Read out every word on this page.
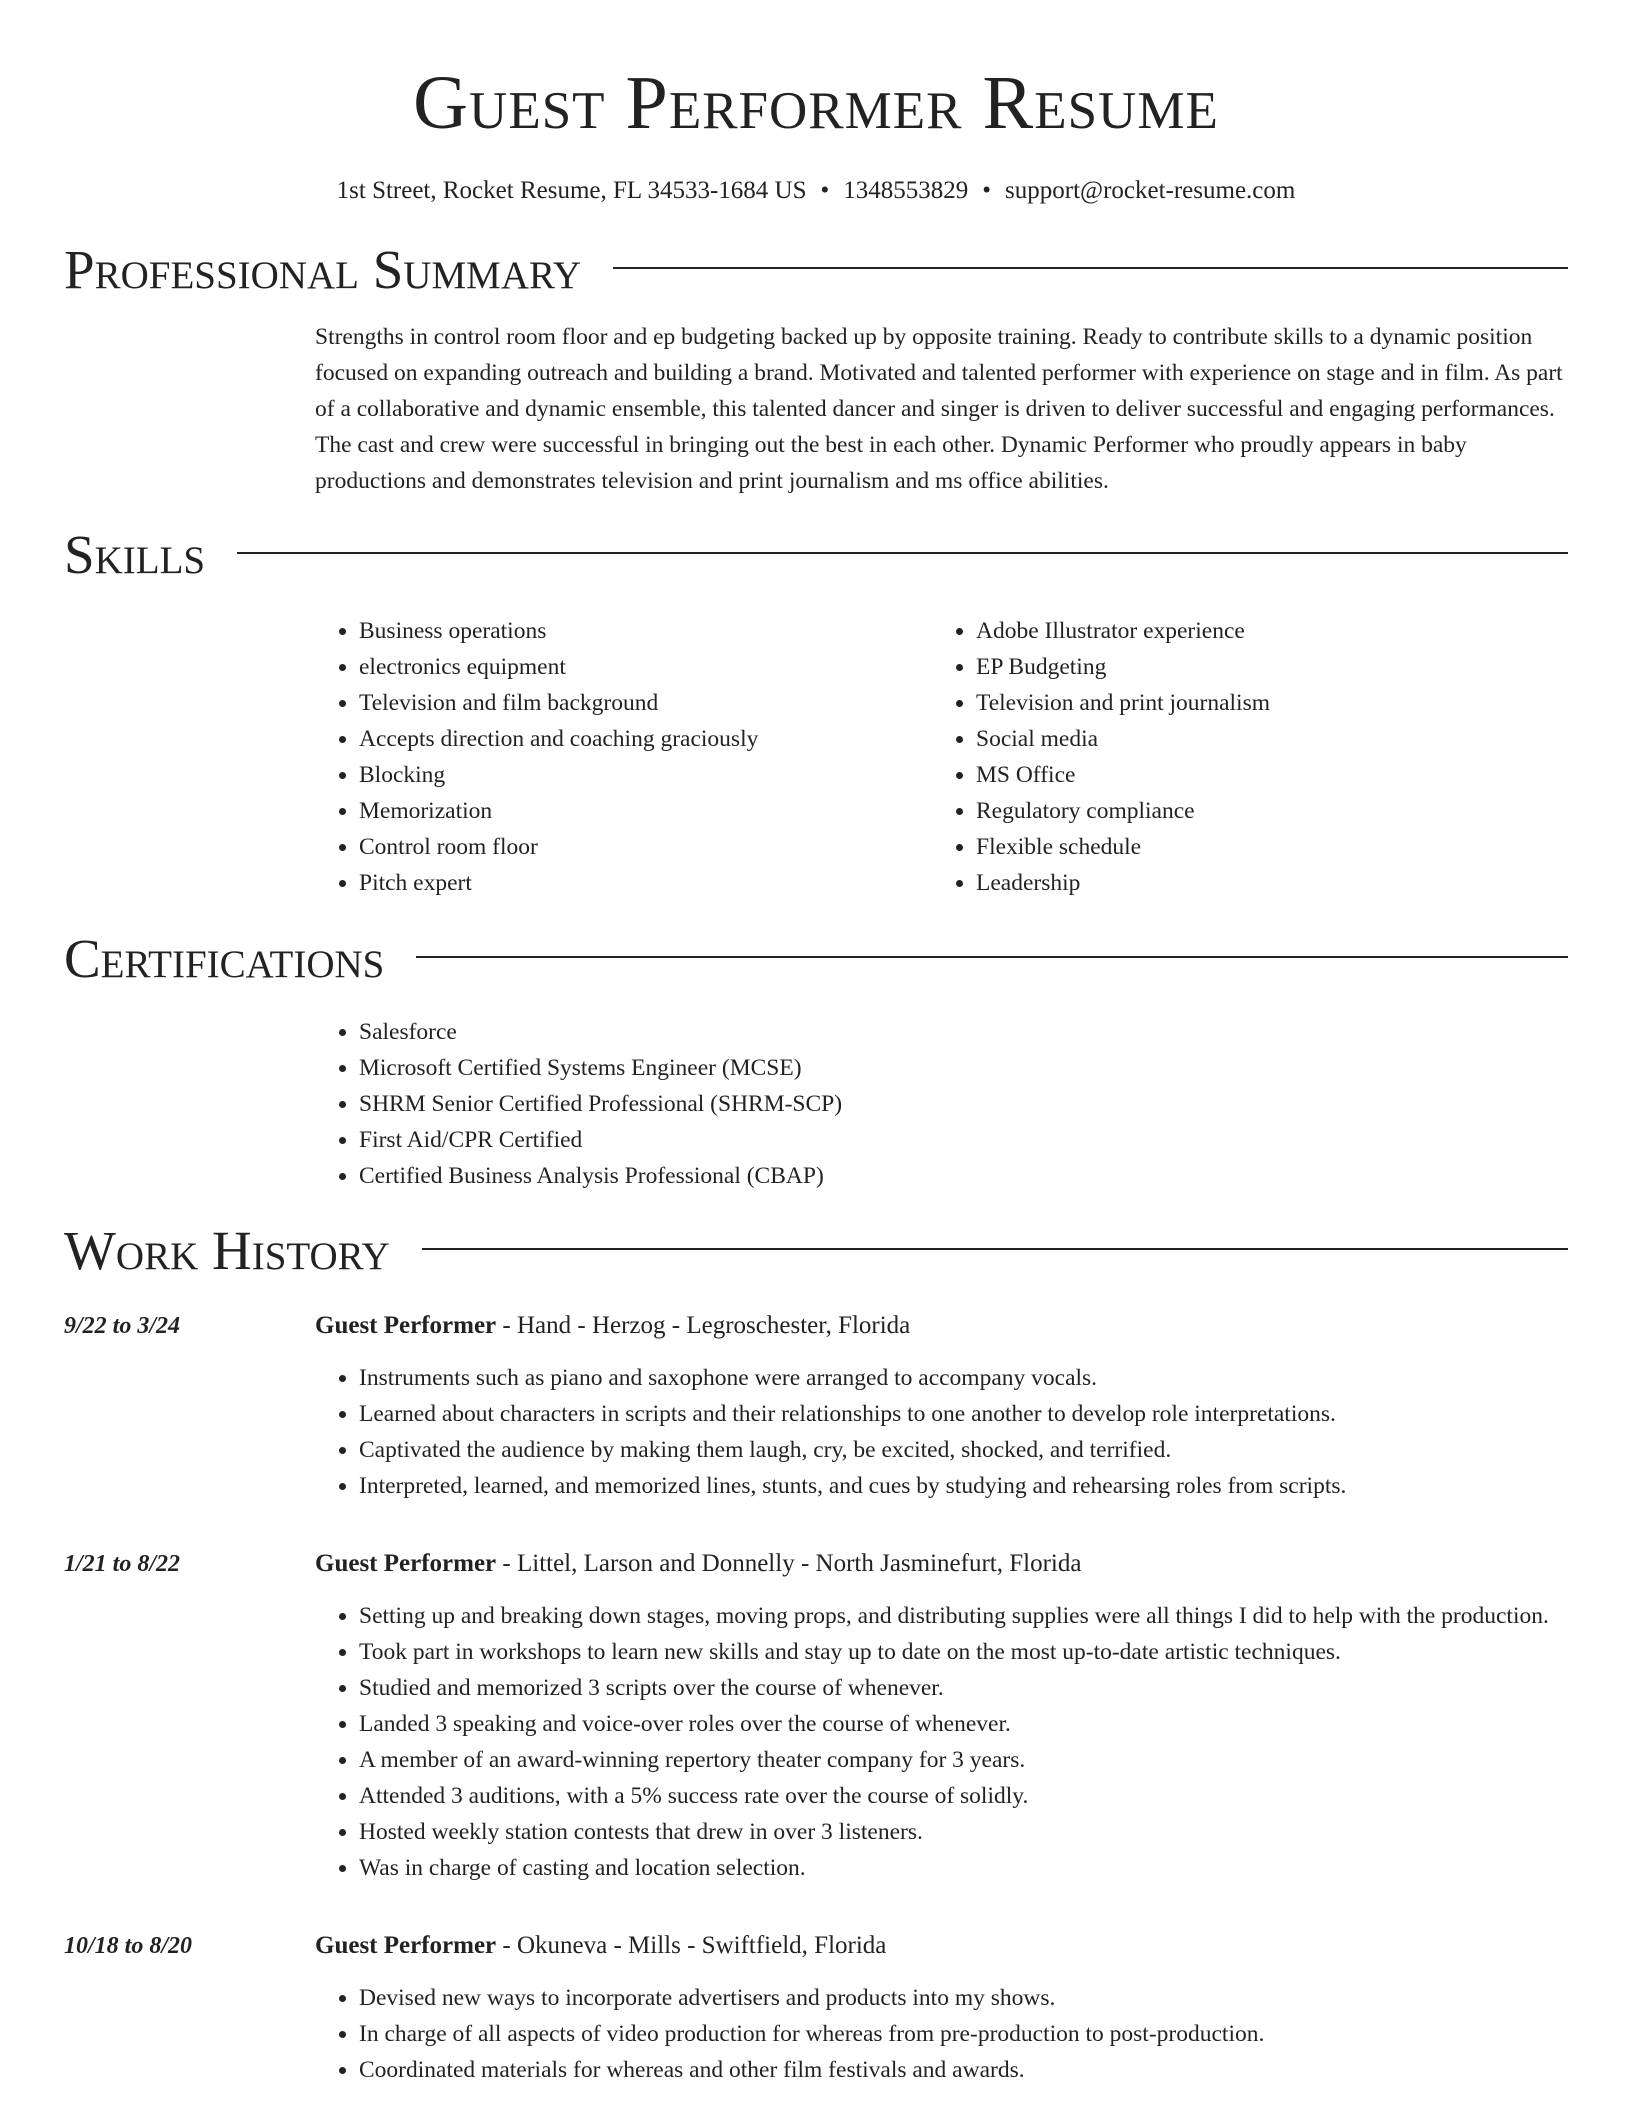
Guest Performer Resume
1st Street, Rocket Resume, FL 34533-1684 US • 1348553829 • support@rocket-resume.com
Professional Summary

Strengths in control room floor and ep budgeting backed up by opposite training. Ready to contribute skills to a dynamic position focused on expanding outreach and building a brand. Motivated and talented performer with experience on stage and in film. As part of a collaborative and dynamic ensemble, this talented dancer and singer is driven to deliver successful and engaging performances. The cast and crew were successful in bringing out the best in each other. Dynamic Performer who proudly appears in baby productions and demonstrates television and print journalism and ms office abilities.

Skills
• Business operations
• electronics equipment
• Television and film background
• Accepts direction and coaching graciously
• Blocking
• Memorization
• Control room floor
• Pitch expert
• Adobe Illustrator experience
• EP Budgeting
• Television and print journalism
• Social media
• MS Office
• Regulatory compliance
• Flexible schedule
• Leadership
Certifications
• Salesforce
• Microsoft Certified Systems Engineer (MCSE)
• SHRM Senior Certified Professional (SHRM-SCP)
• First Aid/CPR Certified
• Certified Business Analysis Professional (CBAP)
Work History
9/22 to 3/24	Guest Performer - Hand - Herzog - Legroschester, Florida
• Instruments such as piano and saxophone were arranged to accompany vocals.
• Learned about characters in scripts and their relationships to one another to develop role interpretations.
• Captivated the audience by making them laugh, cry, be excited, shocked, and terrified.
• Interpreted, learned, and memorized lines, stunts, and cues by studying and rehearsing roles from scripts.
1/21 to 8/22	Guest Performer - Littel, Larson and Donnelly - North Jasminefurt, Florida
• Setting up and breaking down stages, moving props, and distributing supplies were all things I did to help with the production.
• Took part in workshops to learn new skills and stay up to date on the most up-to-date artistic techniques.
• Studied and memorized 3 scripts over the course of whenever.
• Landed 3 speaking and voice-over roles over the course of whenever.
• A member of an award-winning repertory theater company for 3 years.
• Attended 3 auditions, with a 5% success rate over the course of solidly.
• Hosted weekly station contests that drew in over 3 listeners.
• Was in charge of casting and location selection.
10/18 to 8/20	Guest Performer - Okuneva - Mills - Swiftfield, Florida
• Devised new ways to incorporate advertisers and products into my shows.
• In charge of all aspects of video production for whereas from pre-production to post-production.
• Coordinated materials for whereas and other film festivals and awards.
